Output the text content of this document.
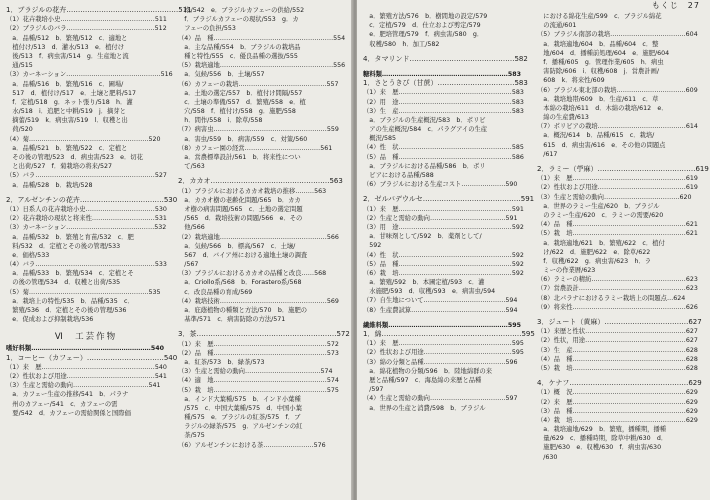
1．ブラジルの花卉…………………………………………511
（1）花卉栽培小史………………………………………511
（2）ブラジルのバラ……………………………………512
　a．品種/512　b．繁殖/512　c．適地と
　植付け/513　d．灌水/513　e．植付け
　後/513　f．病虫害/514　g．生産地と流
　通/515
（3）カーネーション………………………………………516
　a．品種/516　b．繁殖/516　c．圃場/
　517　d．植付け/517　e．土壌と肥料/517
　f．定植/518　g．ネット張り/518　h．灌
　水/518　i．追肥と中耕/519　j．摘芽と
　摘蕾/519　k．病虫害/519　l．収穫と出
　荷/520
（4）菊…………………………………………………520
　a．品種/521　b．繁殖/522　c．定植と
　その後の管理/523　d．病虫害/523　e．切花
　と出荷/527　f．菊栽培の将来/527
（5）バラ…………………………………………………527
　a．品種/528　b．栽培/528
2．アルゼンチンの花卉………………………………530
（1）日系人の花卉栽培小史……………………………530
（2）花卉栽培の現状と将来性…………………………531
（3）カーネーション……………………………………532
　a．品種/532　b．繁殖と育苗/532　c．肥
　料/532　d．定植とその後の管理/533
　e．価格/533
（4）バラ…………………………………………………533
　a．品種/533　b．繁殖/534　c．定植とそ
　の後の管理/534　d．収穫と出荷/535
（5）菊…………………………………………………535
　a．栽培上の特性/535　b．品種/535　c．
　繁殖/536　d．定植とその後の管理/536
　e．促成および抑制栽培/536
Ⅵ　工芸作物
嗜好料類…………………………………………………540
1．コーヒー（カフェー）……………………………540
（1）来　歴………………………………………………540
（2）性状および用途……………………………………541
（3）生産と需給の動向………………………………541
　a．カフェー生産の推移/541　b．パラナ
　州のカフェー/541　c．カフェーの需
　要/542　d．カフェーの需給関係と国際価
　格/542　e．ブラジルカフェーの供給/552
　f．ブラジルカフェーの現状/553　g．カ
　フェーの負担/553
（4）品　種…………………………………………………554
　a．主な品種/554　b．ブラジルの栽培品
　種と特性/555　c．優良品種の選抜/555
（5）栽培適地………………………………………………556
　a．気候/556　b．土壌/557
（6）カフェーの栽培……………………………………557
　a．土地の選定/557　b．植付け間隔/557
　c．土壌の準備/557　d．繁殖/558　e．植
　穴/558　f．植付け/558　g．施肥/558
　h．間作/558　i．除草/558
（7）病害虫………………………………………………559
　a．害虫/559　b．病害/559　c．対策/560
（8）カフェー園の経営………………………………561
　a．営農標準設計/561　b．将来性につい
　て/563
2．カカオ……………………………………………563
（1）ブラジルにおけるカカオ栽培の推移………563
　a．カカオ樹の老齢化問題/565　b．カカ
　オ樹の病害問題/565　c．土地の選定問題
　/565　d．栽培技術の問題/566　e．その
　他/566
（2）栽培適地……………………………………………566
　a．気候/566　b．標高/567　c．土壌/
　567　d．バイア州における適地土壌の調査
　/567
（3）ブラジルにおけるカカオの品種と改良……568
　a．Criollo系/568　b．Forastero系/568
　c．改良品種の育成/569
（4）栽培技術……………………………………………569
　a．庇蔭植物の種類と方法/570　b．施肥の
　基準/571　c．病害防除の方法/571
3．茶……………………………………………………572
（1）来　歴………………………………………………572
（2）品　種………………………………………………573
　a．紅茶/573　b．緑茶/573
（3）生産と需給の動向………………………………574
（4）適　地………………………………………………574
（5）栽　培………………………………………………575
　a．インド大葉種/575　b．インド小葉種
　/575　c．中国大葉種/575　d．中国小葉
　種/575　e．ブラジルの紅茶/575　f．ブ
　ラジルの緑茶/575　g．アルゼンチンの紅
　茶/575
（6）アルゼンチンにおける茶……………………576
もくじ　27
　a．繁殖方法/576　b．樹間地の設定/579
　c．定植/579　d．仕立および剪定/579
　e．肥培管理/579　f．病虫害/580　g．
　収穫/580　h．加工/582
4．タマリンド………………………………………582
糖料類……………………………………………………583
1．さとうきび（甘蔗）……………………………583
（1）来　歴………………………………………………583
（2）用　途………………………………………………583
（3）生　産………………………………………………583
　a．ブラジルの生産概況/583　b．ボリビ
　アの生産概況/584　c．パラグアイの生産
　概況/585
（4）性　状………………………………………………585
（5）品　種………………………………………………586
　a．ブラジルにおける品種/586　b．ボリ
　ビアにおける品種/588
（6）ブラジルにおける生産コスト…………………590
2．ゼルバデウルセ……………………………………591
（1）来　歴………………………………………………591
（2）生産と需給の動向………………………………591
（3）用　途………………………………………………592
　a．甘味剤として/592　b．薬剤として/
　592
（4）性　状………………………………………………592
（5）品　種………………………………………………592
（6）栽　培………………………………………………592
　a．繁殖/592　b．本圃定植/593　c．灌
　水施肥/593　d．収穫/593　e．病害虫/594
（7）自生地について…………………………………594
（8）生産費試算………………………………………594
繊維料類…………………………………………………595
1．綿……………………………………………………595
（1）来　歴………………………………………………595
（2）性状および用途……………………………………595
（3）綿の分類と品種…………………………………596
　a．綿花植物の分類/596　b．陸地綿群の来
　歴と品種/597　c．海島綿の来歴と品種
　/597
（4）生産と需給の動向………………………………597
　a．世界の生産と消費/598　b．ブラジル
　における綿花生産/599　c．ブラジル綿花
　の流通/601
（5）ブラジル南部の栽培………………………………604
　a．栽培適地/604　b．品種/604　c．整
　地/604　d．播種前処理/604　e．施肥/604
　f．播種/605　g．管理作業/605　h．病虫
　害防除/606　i．収穫/608　j．営農計画/
　608　k．将来性/609
（6）ブラジル東北部の栽培……………………………609
　a．栽培地帯/609　b．生産/611　c．草
　本綿の栽培/611　d．木綿の栽培/612　e．
　綿の生産費/613
（7）ボリビアの栽培……………………………………614
　a．概況/614　b．品種/615　c．栽培/
　615　d．病虫害/616　e．その他の問題点
　/617
2．ラミー（苧麻）……………………………………619
（1）来　歴………………………………………………619
（2）性状および用途……………………………………619
（3）生産と需給の動向………………………………620
　a．世界のラミー生産/620　b．ブラジル
　のラミー生産/620　c．ラミーの需要/620
（4）品　種………………………………………………621
（5）栽　培………………………………………………621
　a．栽培適地/621　b．繁殖/622　c．植付
　け/622　d．施肥/622　e．除草/622
　f．収穫/622　g．病虫害/623　h．ラ
　ミーの作業暦/623
（6）ラミーの精紡………………………………………623
（7）営農設計……………………………………………623
（8）北パラナにおけるラミー栽培上の問題点…624
（9）将来性………………………………………………626
3．ジュート（黄麻）………………………………627
（1）来歴と性状…………………………………………627
（2）性状，用途…………………………………………627
（3）生　産………………………………………………628
（4）品　種………………………………………………628
（5）栽　培………………………………………………628
4．ケナフ……………………………………………629
（1）概　況………………………………………………629
（2）来　歴………………………………………………629
（3）品　種………………………………………………629
（4）栽　培………………………………………………629
　a．栽培適地/629　b．繁殖，播種期，播種
　量/629　c．播種時期，除草中耕/630　d．
　施肥/630　e．収穫/630　f．病虫害/630
　/630
